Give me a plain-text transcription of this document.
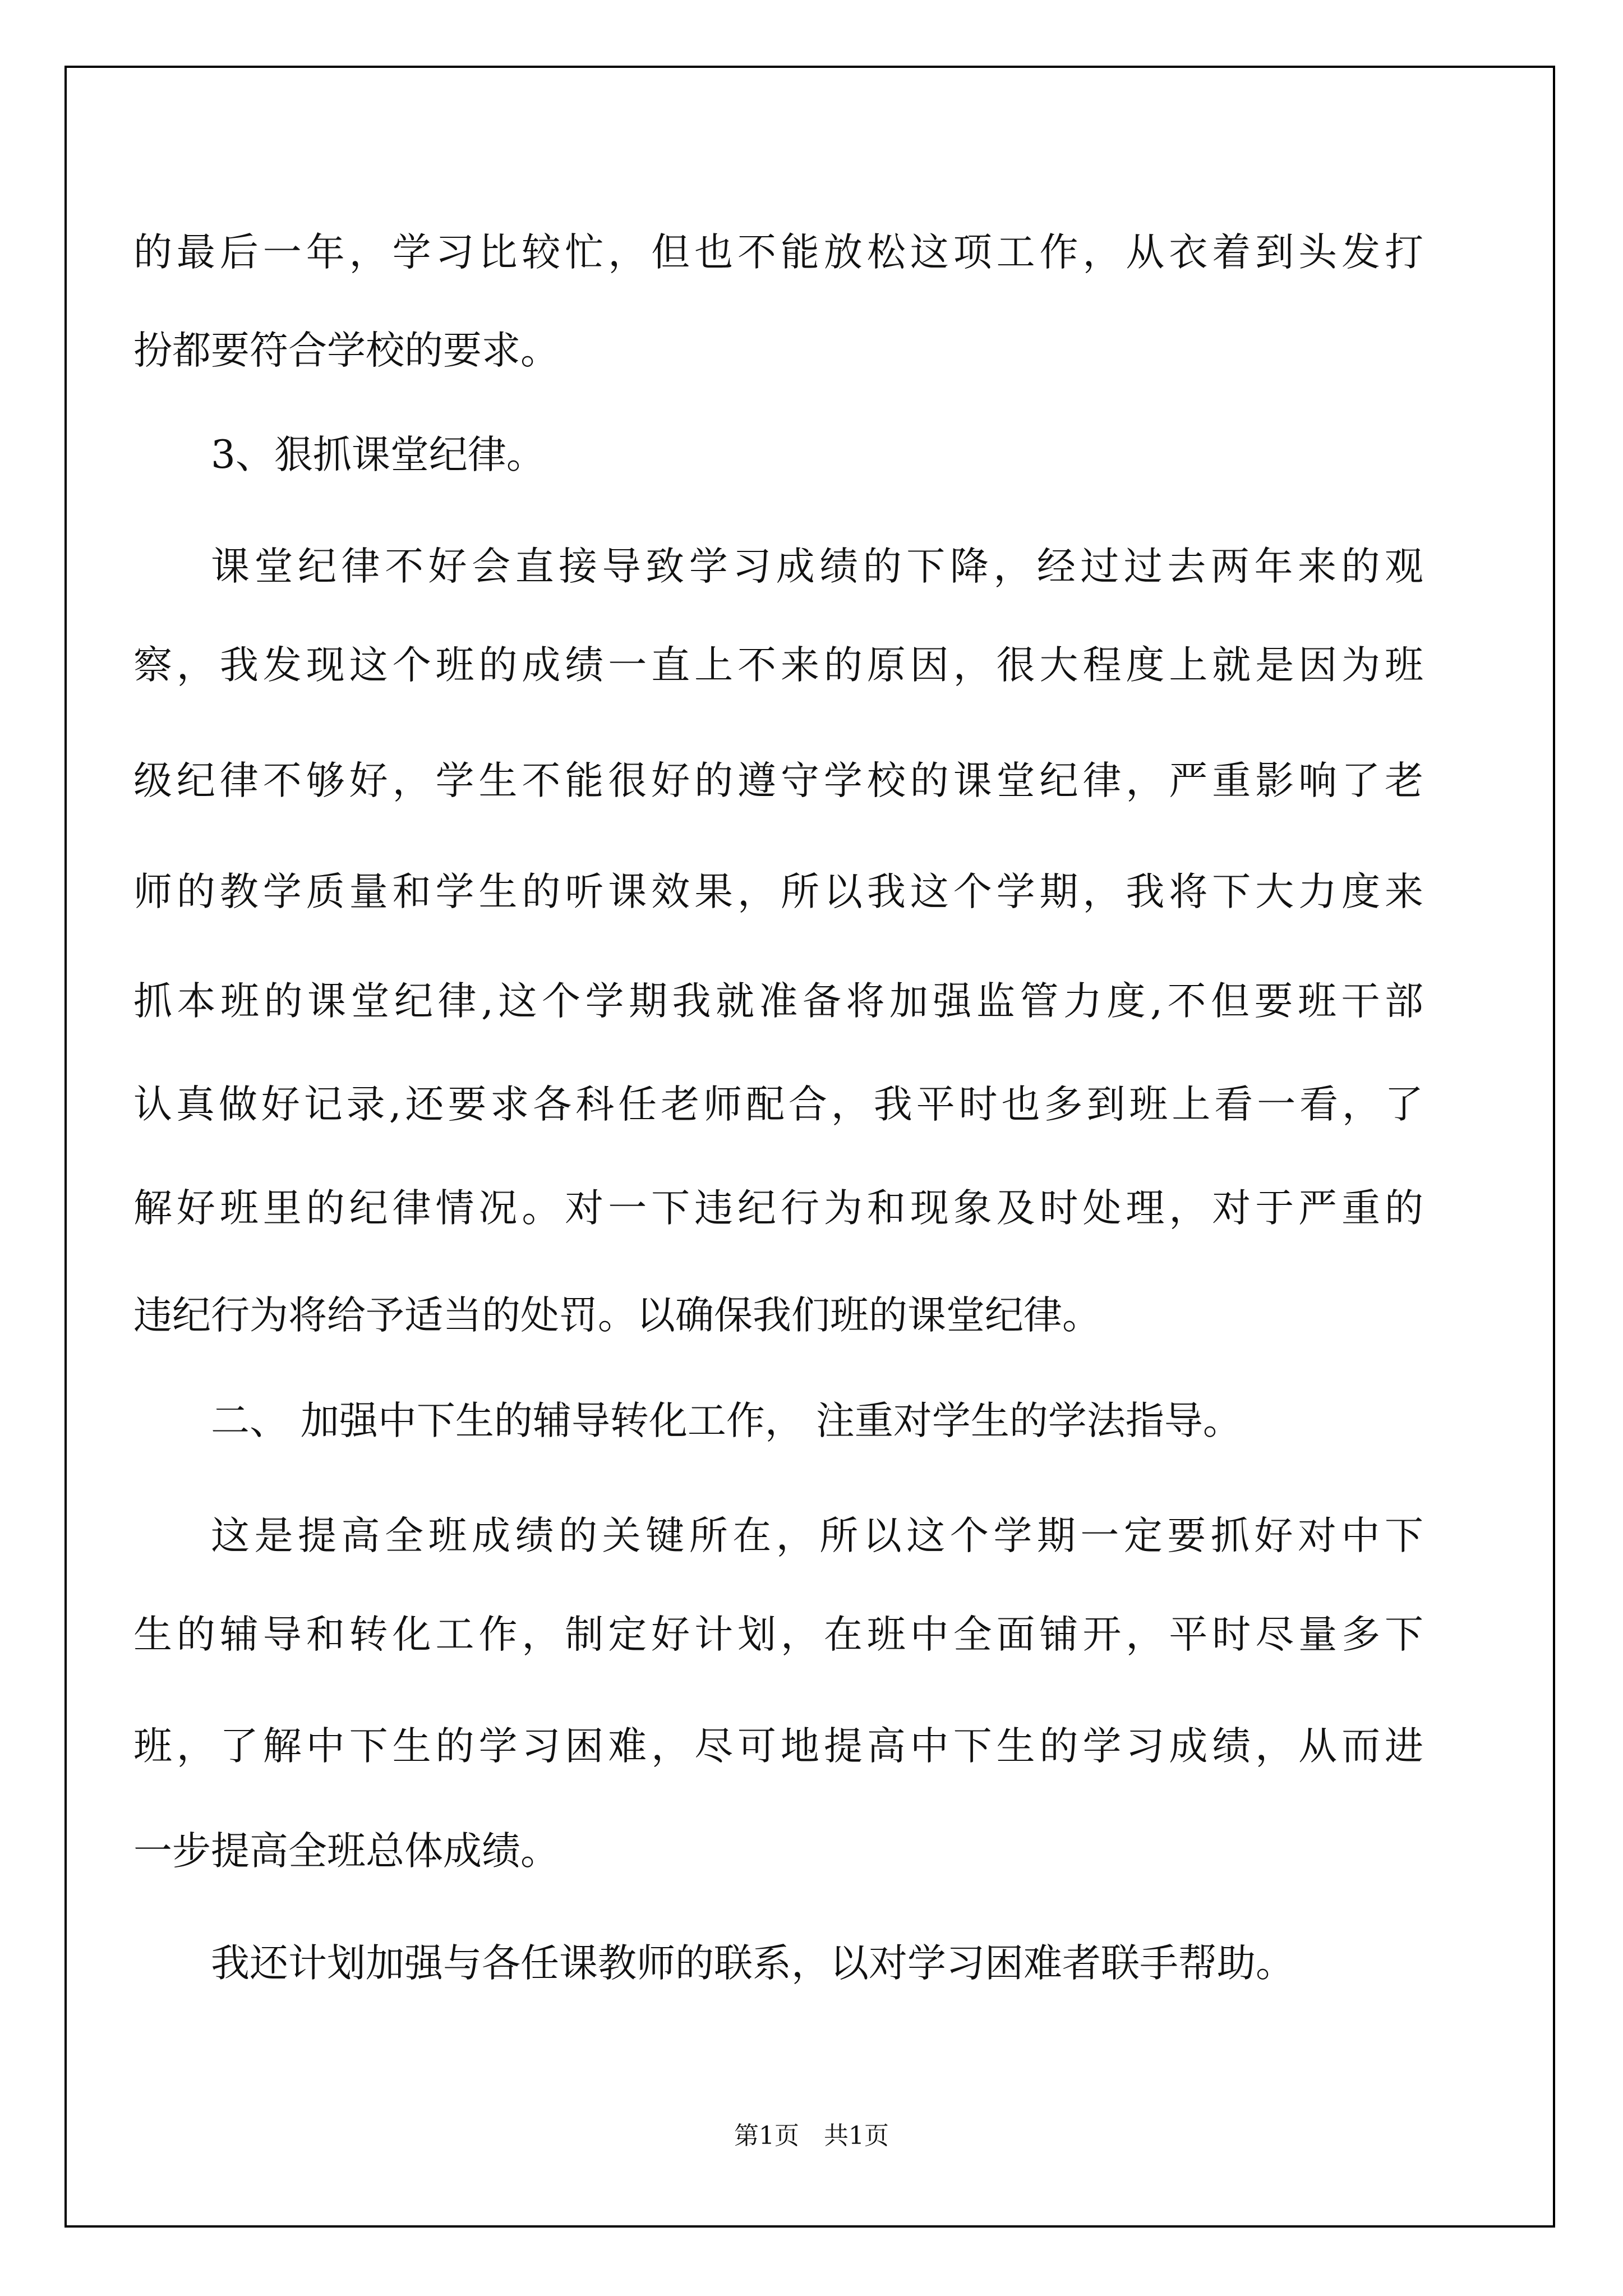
的最后一年，学习比较忙，但也不能放松这项工作，从衣着到头发打
扮都要符合学校的要求。
3、狠抓课堂纪律。
课堂纪律不好会直接导致学习成绩的下降，经过过去两年来的观
察，我发现这个班的成绩一直上不来的原因，很大程度上就是因为班
级纪律不够好，学生不能很好的遵守学校的课堂纪律，严重影响了老
师的教学质量和学生的听课效果，所以我这个学期，我将下大力度来
抓本班的课堂纪律,这个学期我就准备将加强监管力度,不但要班干部
认真做好记录,还要求各科任老师配合，我平时也多到班上看一看，了
解好班里的纪律情况。对一下违纪行为和现象及时处理，对于严重的
违纪行为将给予适当的处罚。以确保我们班的课堂纪律。
二、 加强中下生的辅导转化工作， 注重对学生的学法指导。
这是提高全班成绩的关键所在，所以这个学期一定要抓好对中下
生的辅导和转化工作，制定好计划，在班中全面铺开，平时尽量多下
班，了解中下生的学习困难，尽可地提高中下生的学习成绩，从而进
一步提高全班总体成绩。
我还计划加强与各任课教师的联系，以对学习困难者联手帮助。
第1页　共1页
